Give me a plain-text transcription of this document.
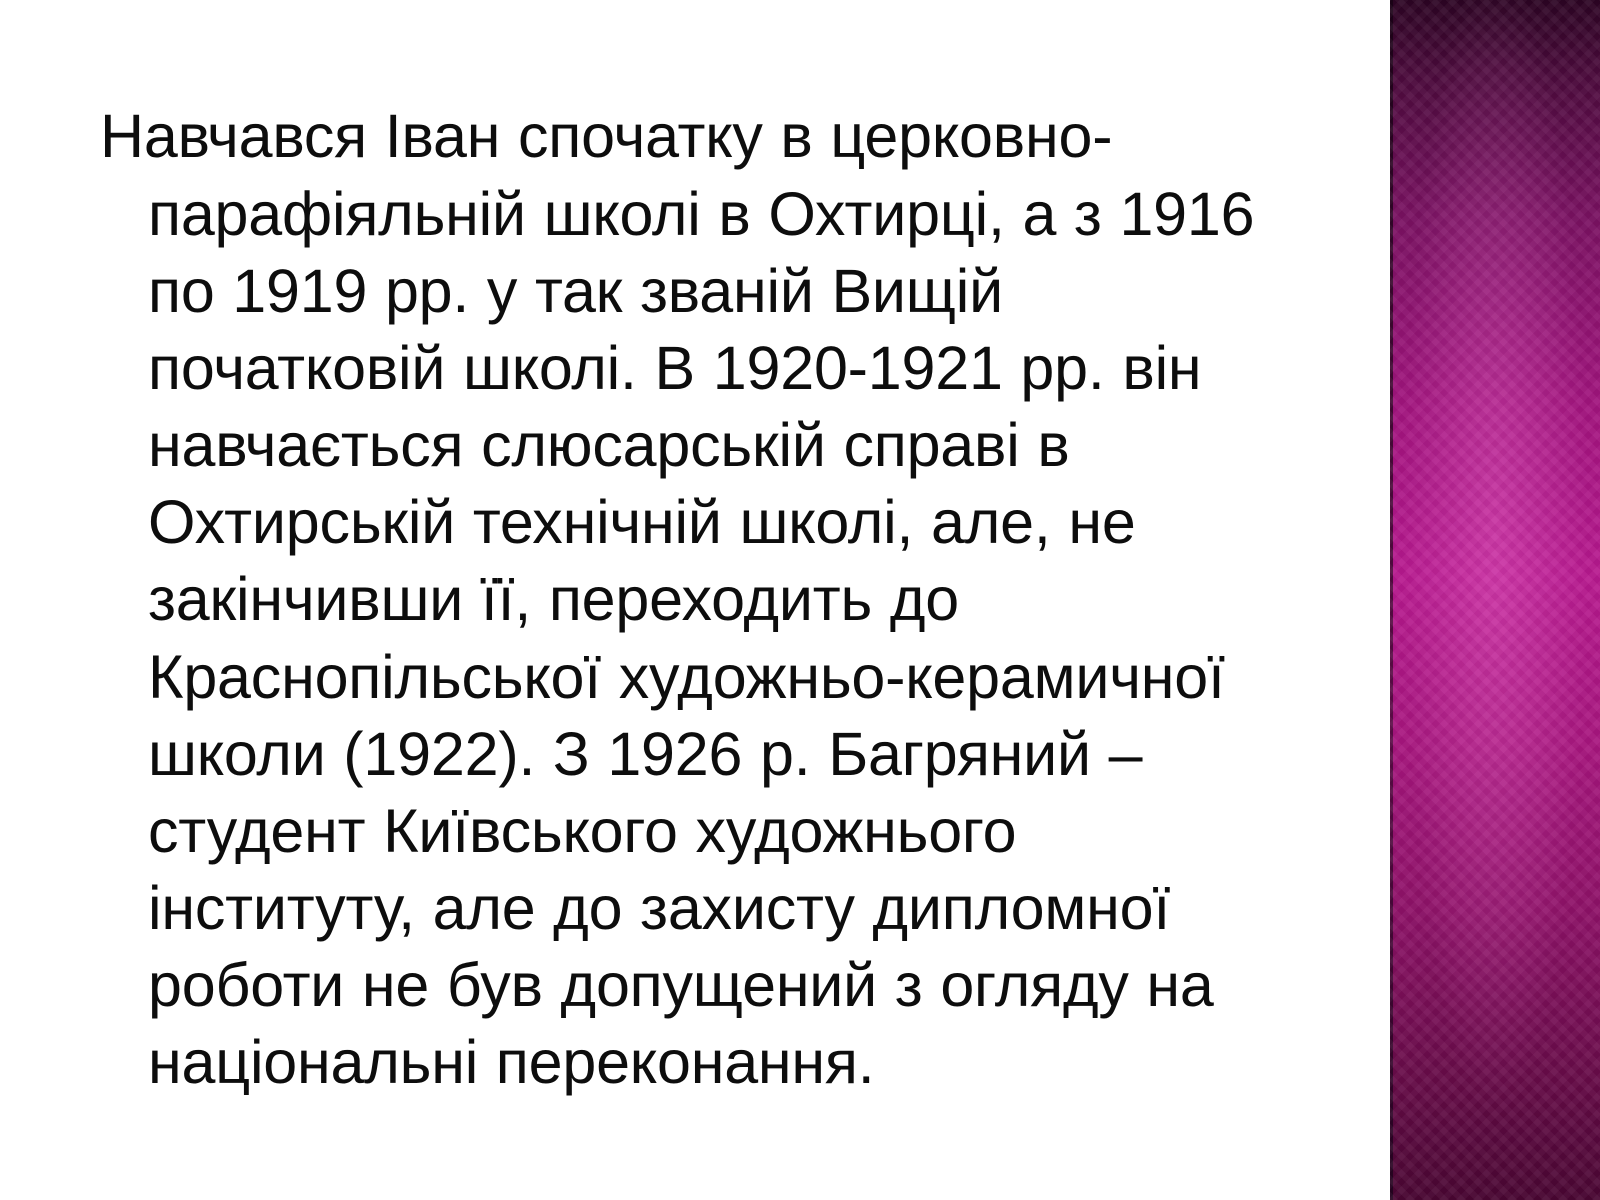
Навчався Іван спочатку в церковно-парафіяльній школі в Охтирці, а з 1916 по 1919 рр. у так званій Вищій початковій школі. В 1920-1921 рр. він навчається слюсарській справі в Охтирській технічній школі, але, не закінчивши її, переходить до Краснопільської художньо-керамичної школи (1922). З 1926 р. Багряний – студент Київського художнього інституту, але до захисту дипломної роботи не був допущений з огляду на національні переконання.
